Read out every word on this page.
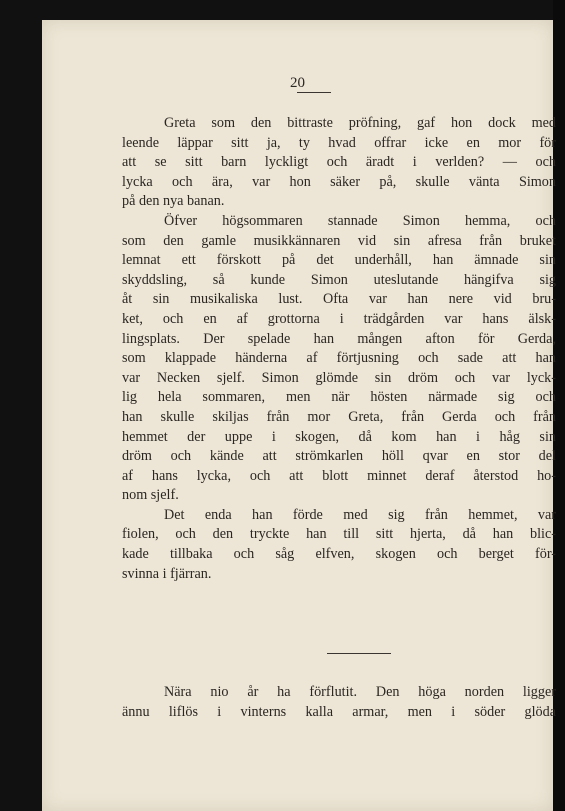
20
Greta som den bittraste pröfning, gaf hon dock med
leende läppar sitt ja, ty hvad offrar icke en mor för
att se sitt barn lyckligt och äradt i verlden? — och
lycka och ära, var hon säker på, skulle vänta Simon
på den nya banan.
Öfver högsommaren stannade Simon hemma, och
som den gamle musikkännaren vid sin afresa från bruket
lemnat ett förskott på det underhåll, han ämnade sin
skyddsling, så kunde Simon uteslutande hängifva sig
åt sin musikaliska lust. Ofta var han nere vid bru-
ket, och en af grottorna i trädgården var hans älsk-
lingsplats. Der spelade han mången afton för Gerda,
som klappade händerna af förtjusning och sade att han
var Necken sjelf. Simon glömde sin dröm och var lyck-
lig hela sommaren, men när hösten närmade sig och
han skulle skiljas från mor Greta, från Gerda och från
hemmet der uppe i skogen, då kom han i håg sin
dröm och kände att strömkarlen höll qvar en stor del
af hans lycka, och att blott minnet deraf återstod ho-
nom sjelf.
Det enda han förde med sig från hemmet, var
fiolen, och den tryckte han till sitt hjerta, då han blic-
kade tillbaka och såg elfven, skogen och berget för-
svinna i fjärran.
Nära nio år ha förflutit. Den höga norden ligger
ännu liflös i vinterns kalla armar, men i söder glöda
